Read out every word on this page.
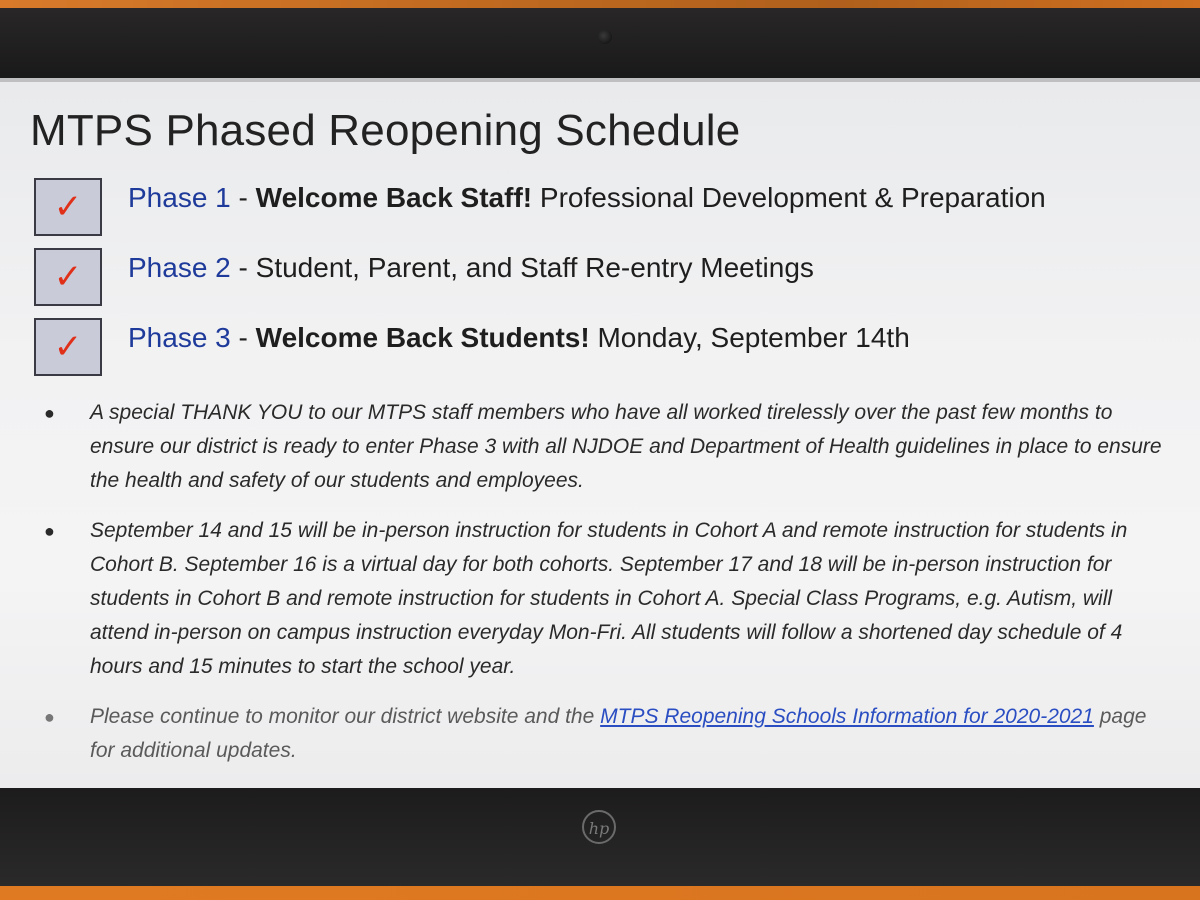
MTPS Phased Reopening Schedule
✓ Phase 1 - Welcome Back Staff! Professional Development & Preparation
✓ Phase 2 - Student, Parent, and Staff Re-entry Meetings
✓ Phase 3 - Welcome Back Students! Monday, September 14th
● A special THANK YOU to our MTPS staff members who have all worked tirelessly over the past few months to ensure our district is ready to enter Phase 3 with all NJDOE and Department of Health guidelines in place to ensure the health and safety of our students and employees.
● September 14 and 15 will be in-person instruction for students in Cohort A and remote instruction for students in Cohort B. September 16 is a virtual day for both cohorts. September 17 and 18 will be in-person instruction for students in Cohort B and remote instruction for students in Cohort A. Special Class Programs, e.g. Autism, will attend in-person on campus instruction everyday Mon-Fri. All students will follow a shortened day schedule of 4 hours and 15 minutes to start the school year.
● Please continue to monitor our district website and the MTPS Reopening Schools Information for 2020-2021 page for additional updates.
hp
